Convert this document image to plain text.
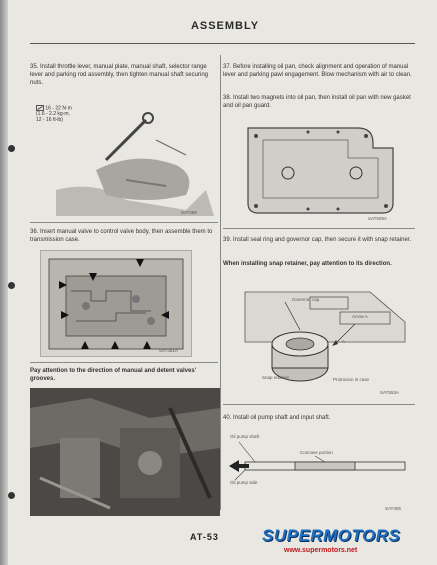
ASSEMBLY
35. Install throttle lever, manual plate, manual shaft, selector range lever and parking rod assembly, then tighten manual shaft securing nuts.
16 - 22 N·m
(1.6 - 2.2 kg-m,
12 - 16 ft-lb)
SAT265
36. Insert manual valve to control valve body, then assemble them to transmission case.
SAT361A
Pay attention to the direction of manual and detent valves' grooves.
37. Before installing oil pan, check alignment and operation of manual lever and parking pawl engagement. Blow mechanism with air to clean.
38. Install two magnets into oil pan, then install oil pan with new gasket and oil pan guard.
SAT509A
39. Install seal ring and governor cap, then secure it with snap retainer.
When installing snap retainer, pay attention to its direction.
Governor cap
Arrow A
Snap retainer	Protrusion in case
A
SAT553A
40. Install oil pump shaft and input shaft.
Oil pump shaft
Concave portion
Oil pump side
SAT405
AT-53	SUPERMOTORS
www.supermotors.net
